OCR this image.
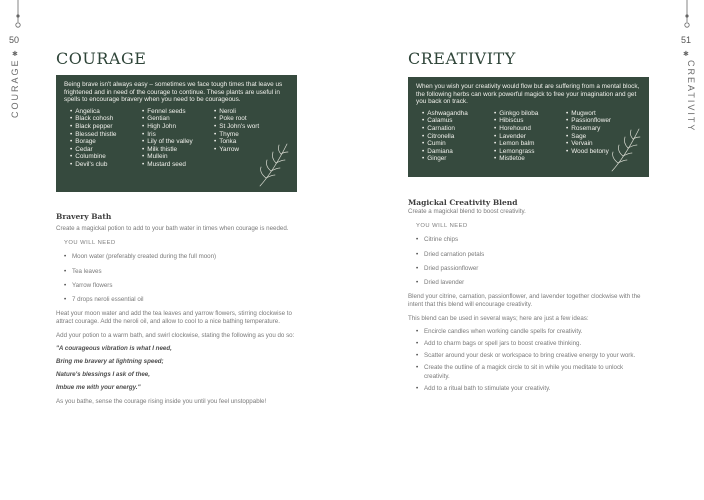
50
✱
COURAGE COURAGE

Being brave isn't always easy – sometimes we face tough times that leave us frightened and in need of the courage to continue. These plants are useful in spells to encourage bravery when you need to be courageous.

• Angelica
• Black cohosh
• Black pepper
• Blessed thistle
• Borage
• Cedar
• Columbine
• Devil's club
• Fennel seeds
• Gentian
• High John
• Iris
• Lily of the valley
• Milk thistle
• Mullein
• Mustard seed
• Neroli
• Poke root
• St John's wort
• Thyme
• Tonka
• Yarrow
Bravery Bath

Create a magickal potion to add to your bath water in times when courage is needed.

YOU WILL NEED
• Moon water (preferably created during the full moon)
• Tea leaves
• Yarrow flowers
• 7 drops neroli essential oil

Heat your moon water and add the tea leaves and yarrow flowers, stirring clockwise to attract courage. Add the neroli oil, and allow to cool to a nice bathing temperature.

Add your potion to a warm bath, and swirl clockwise, stating the following as you do so:

"A courageous vibration is what I need,

Bring me bravery at lightning speed;

Nature's blessings I ask of thee,

Imbue me with your energy."

As you bathe, sense the courage rising inside you until you feel unstoppable!

51
✱
CREATIVITY
CREATIVITY

When you wish your creativity would flow but are suffering from a mental block, the following herbs can work powerful magick to free your imagination and get you back on track.

• Ashwagandha
• Calamus
• Carnation
• Citronella
• Cumin
• Damiana
• Ginger
• Ginkgo biloba
• Hibiscus
• Horehound
• Lavender
• Lemon balm
• Lemongrass
• Mistletoe
• Mugwort
• Passionflower
• Rosemary
• Sage
• Vervain
• Wood betony
Magickal Creativity Blend

Create a magickal blend to boost creativity.

YOU WILL NEED
• Citrine chips
• Dried carnation petals
• Dried passionflower
• Dried lavender

Blend your citrine, carnation, passionflower, and lavender together clockwise with the intent that this blend will encourage creativity.

This blend can be used in several ways; here are just a few ideas:

• Encircle candles when working candle spells for creativity.
• Add to charm bags or spell jars to boost creative thinking.
• Scatter around your desk or workspace to bring creative energy to your work.
• Create the outline of a magick circle to sit in while you meditate to unlock creativity.
• Add to a ritual bath to stimulate your creativity.
